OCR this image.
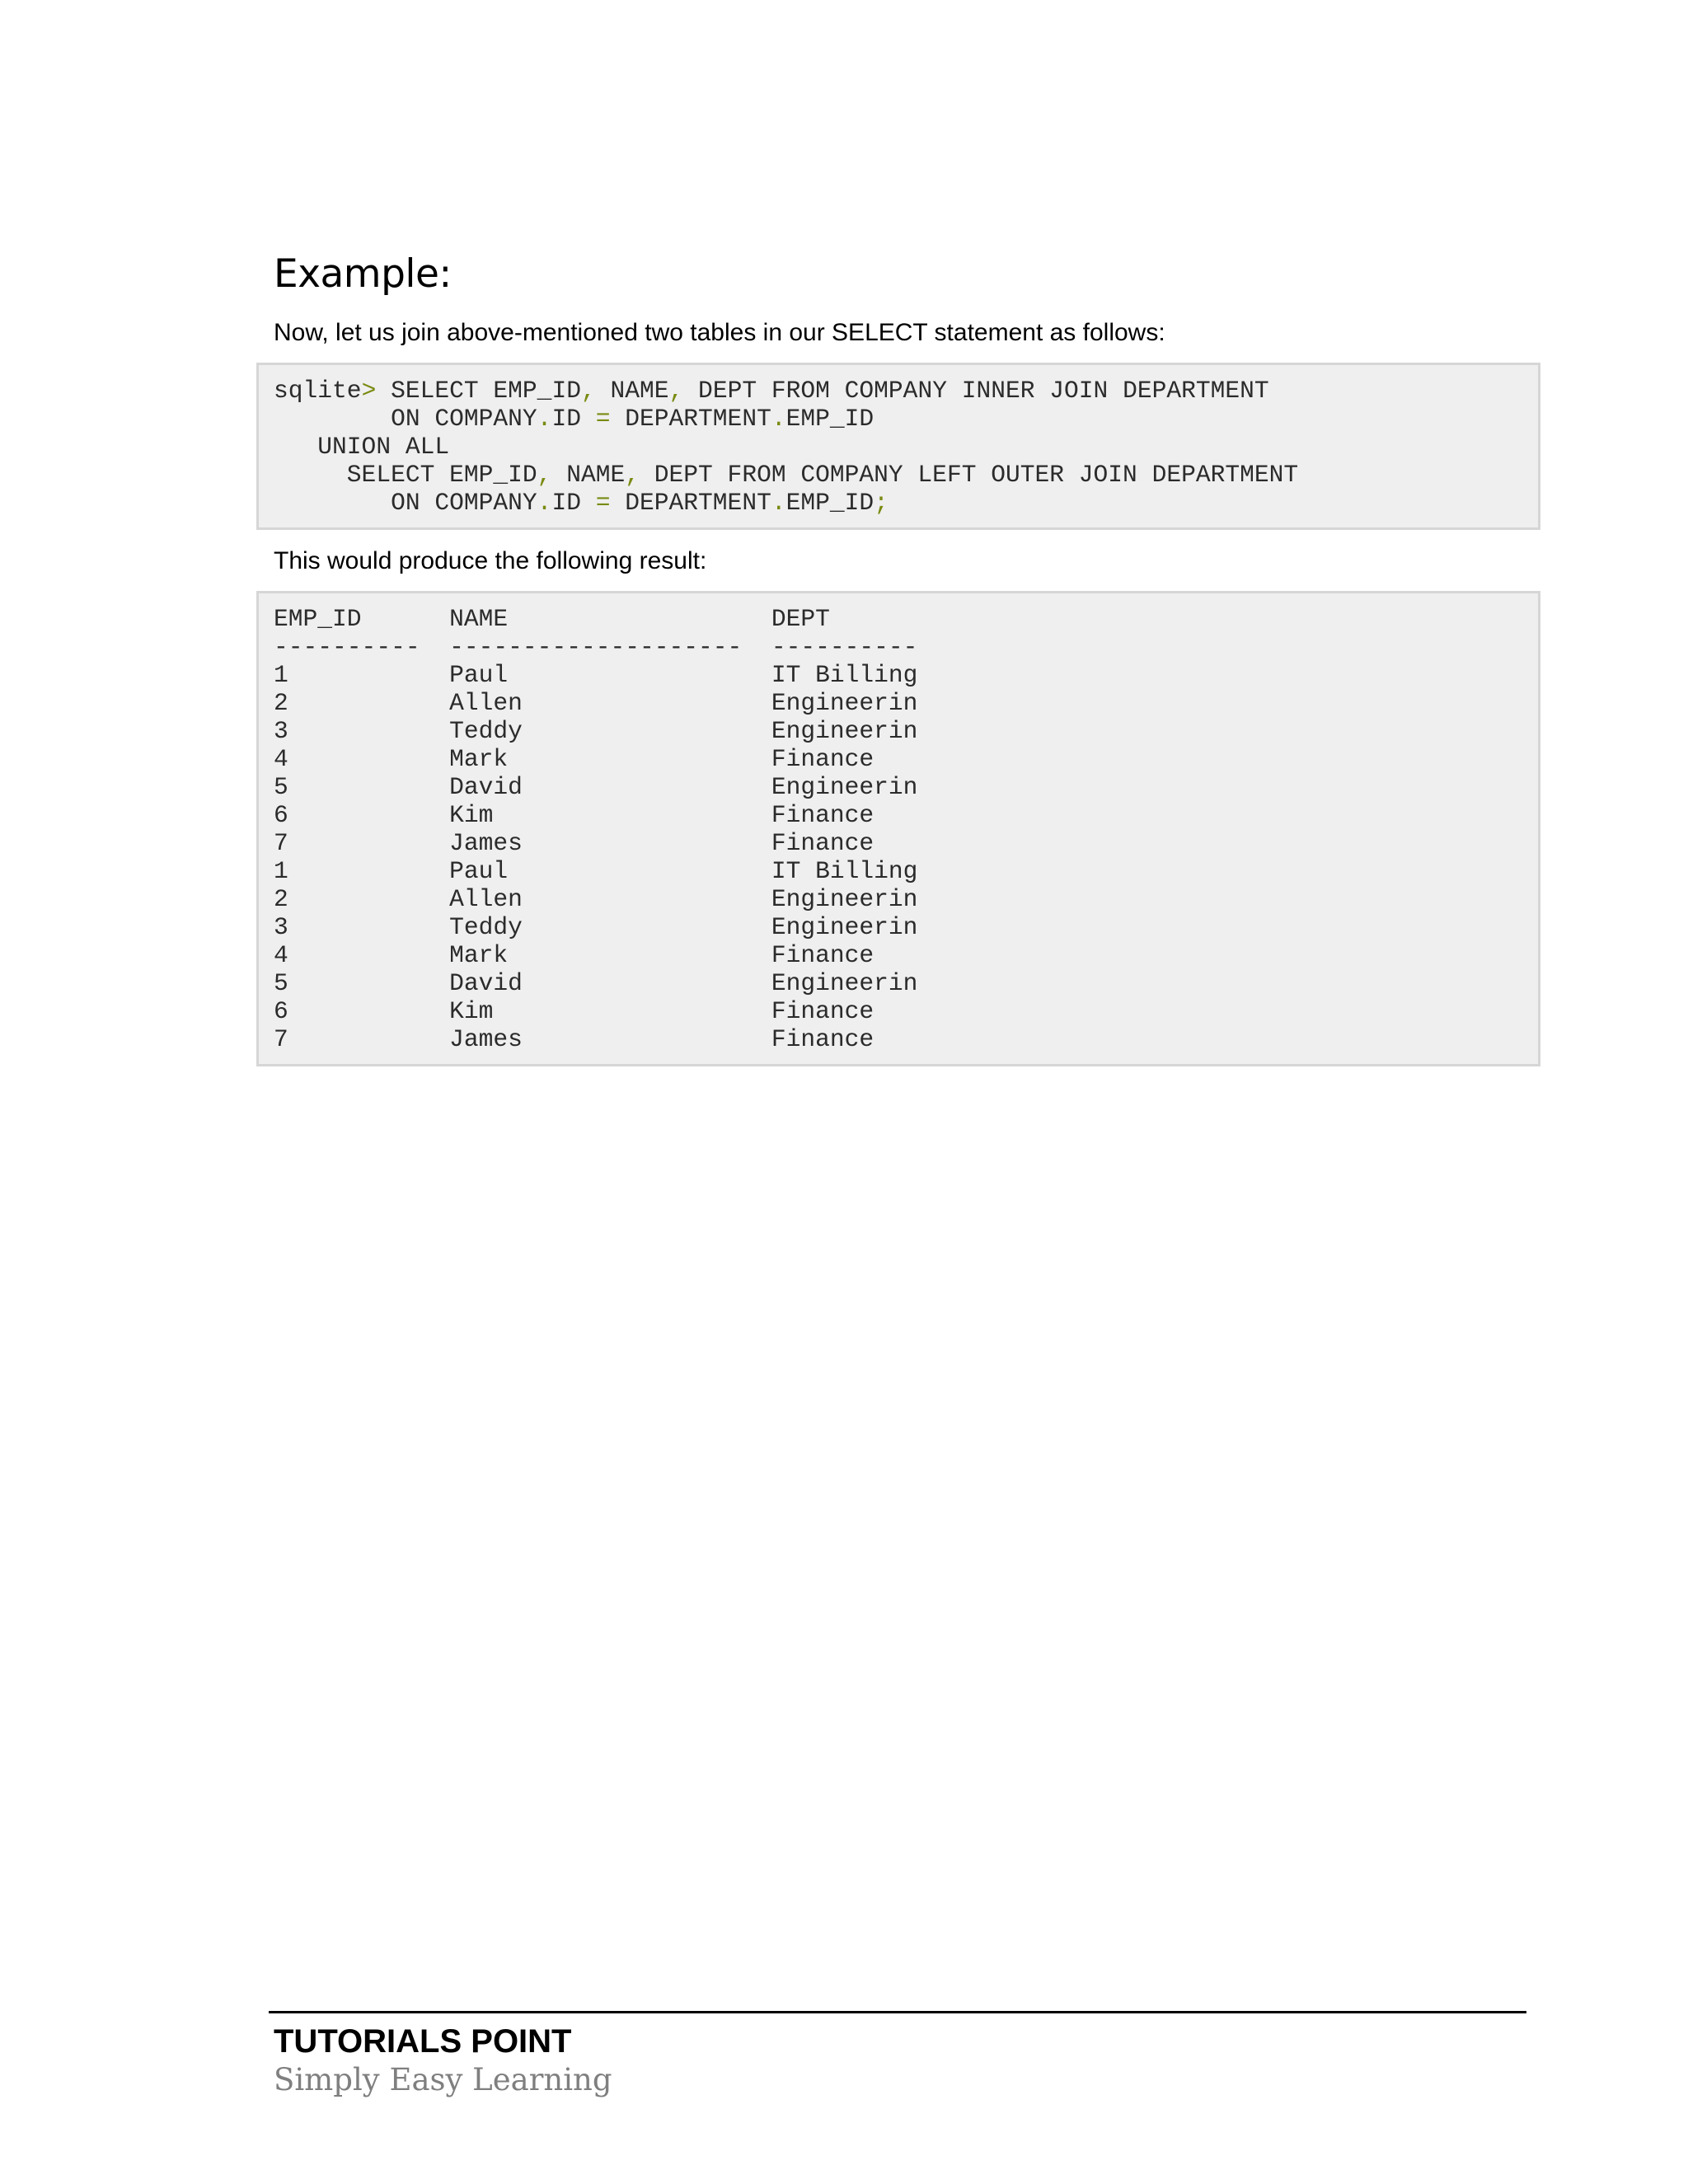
Example:

Now, let us join above-mentioned two tables in our SELECT statement as follows:

sqlite> SELECT EMP_ID, NAME, DEPT FROM COMPANY INNER JOIN DEPARTMENT
ON COMPANY.ID = DEPARTMENT.EMP_ID
UNION ALL
SELECT EMP_ID, NAME, DEPT FROM COMPANY LEFT OUTER JOIN DEPARTMENT
ON COMPANY.ID = DEPARTMENT.EMP_ID;

This would produce the following result:

EMP_ID	NAME	DEPT
---------- -------------------- ----------
1	Paul	IT Billing
2	Allen	Engineerin
3	Teddy	Engineerin
4	Mark	Finance
5	David	Engineerin
6	Kim	Finance
7	James	Finance
1	Paul	IT Billing
2	Allen	Engineerin
3	Teddy	Engineerin
4	Mark	Finance
5	David	Engineerin
6	Kim	Finance
7	James	Finance
TUTORIALS POINT
Simply Easy Learning
